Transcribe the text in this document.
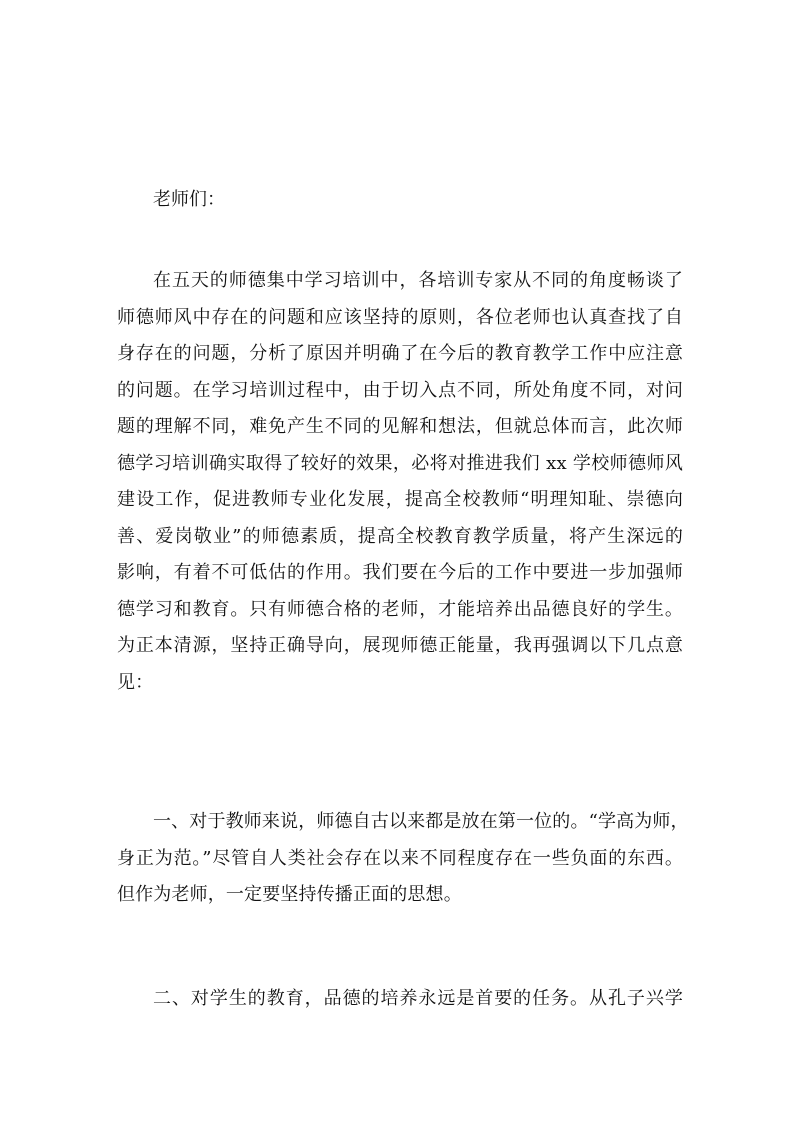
老师们：
在五天的师德集中学习培训中，各培训专家从不同的角度畅谈了
师德师风中存在的问题和应该坚持的原则，各位老师也认真查找了自
身存在的问题，分析了原因并明确了在今后的教育教学工作中应注意
的问题。在学习培训过程中，由于切入点不同，所处角度不同，对问
题的理解不同，难免产生不同的见解和想法，但就总体而言，此次师
德学习培训确实取得了较好的效果，必将对推进我们 xx 学校师德师风
建设工作，促进教师专业化发展，提高全校教师“明理知耻、崇德向
善、爱岗敬业”的师德素质，提高全校教育教学质量，将产生深远的
影响，有着不可低估的作用。我们要在今后的工作中要进一步加强师
德学习和教育。只有师德合格的老师，才能培养出品德良好的学生。
为正本清源，坚持正确导向，展现师德正能量，我再强调以下几点意
见：
一、对于教师来说，师德自古以来都是放在第一位的。“学高为师，
身正为范。”尽管自人类社会存在以来不同程度存在一些负面的东西。
但作为老师，一定要坚持传播正面的思想。
二、对学生的教育，品德的培养永远是首要的任务。从孔子兴学
